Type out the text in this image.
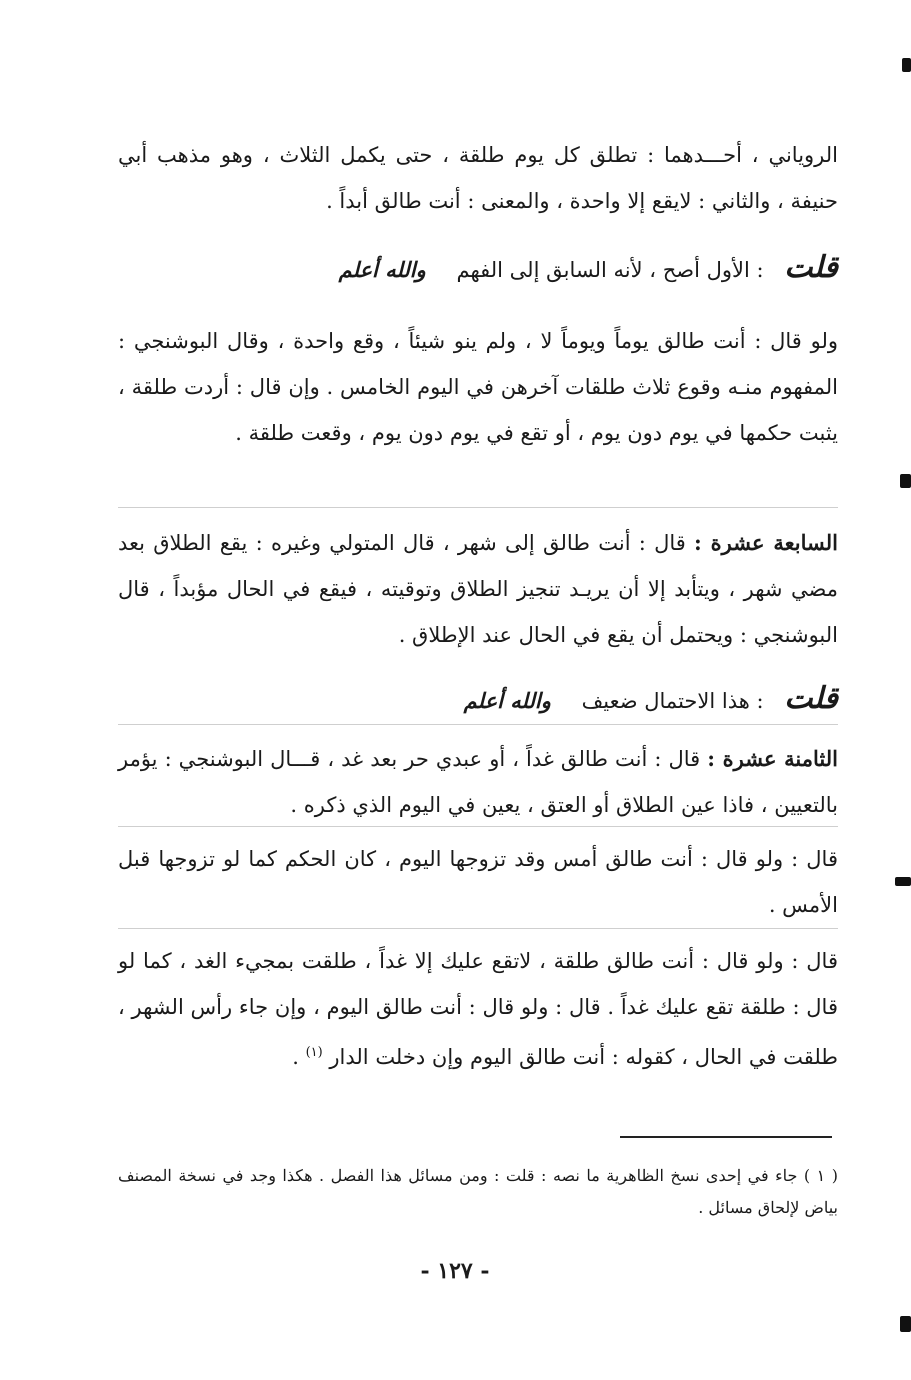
الروياني ، أحـــدهما : تطلق كل يوم طلقة ، حتى يكمل الثلاث ، وهو مذهب أبي حنيفة ، والثاني : لايقع إلا واحدة ، والمعنى : أنت طالق أبداً .

قلت : الأول أصح ، لأنه السابق إلى الفهم والله أعلم

ولو قال : أنت طالق يوماً ويوماً لا ، ولم ينو شيئاً ، وقع واحدة ، وقال البوشنجي : المفهوم منـه وقوع ثلاث طلقات آخرهن في اليوم الخامس . وإن قال : أردت طلقة ، يثبت حكمها في يوم دون يوم ، أو تقع في يوم دون يوم ، وقعت طلقة .

السابعة عشرة : قال : أنت طالق إلى شهر ، قال المتولي وغيره : يقع الطلاق بعد مضي شهر ، ويتأبد إلا أن يريـد تنجيز الطلاق وتوقيته ، فيقع في الحال مؤبداً ، قال البوشنجي : ويحتمل أن يقع في الحال عند الإطلاق .

قلت : هذا الاحتمال ضعيف والله أعلم

الثامنة عشرة : قال : أنت طالق غداً ، أو عبدي حر بعد غد ، قـــال البوشنجي : يؤمر بالتعيين ، فاذا عين الطلاق أو العتق ، يعين في اليوم الذي ذكره .

قال : ولو قال : أنت طالق أمس وقد تزوجها اليوم ، كان الحكم كما لو تزوجها قبل الأمس .

قال : ولو قال : أنت طالق طلقة ، لاتقع عليك إلا غداً ، طلقت بمجيء الغد ، كما لو قال : طلقة تقع عليك غداً . قال : ولو قال : أنت طالق اليوم ، وإن جاء رأس الشهر ، طلقت في الحال ، كقوله : أنت طالق اليوم وإن دخلت الدار $^{(١)}$ .

( ١ ) جاء في إحدى نسخ الظاهرية ما نصه : قلت : ومن مسائل هذا الفصل . هكذا وجد في نسخة المصنف بياض لإلحاق مسائل .
- ١٢٧ -
